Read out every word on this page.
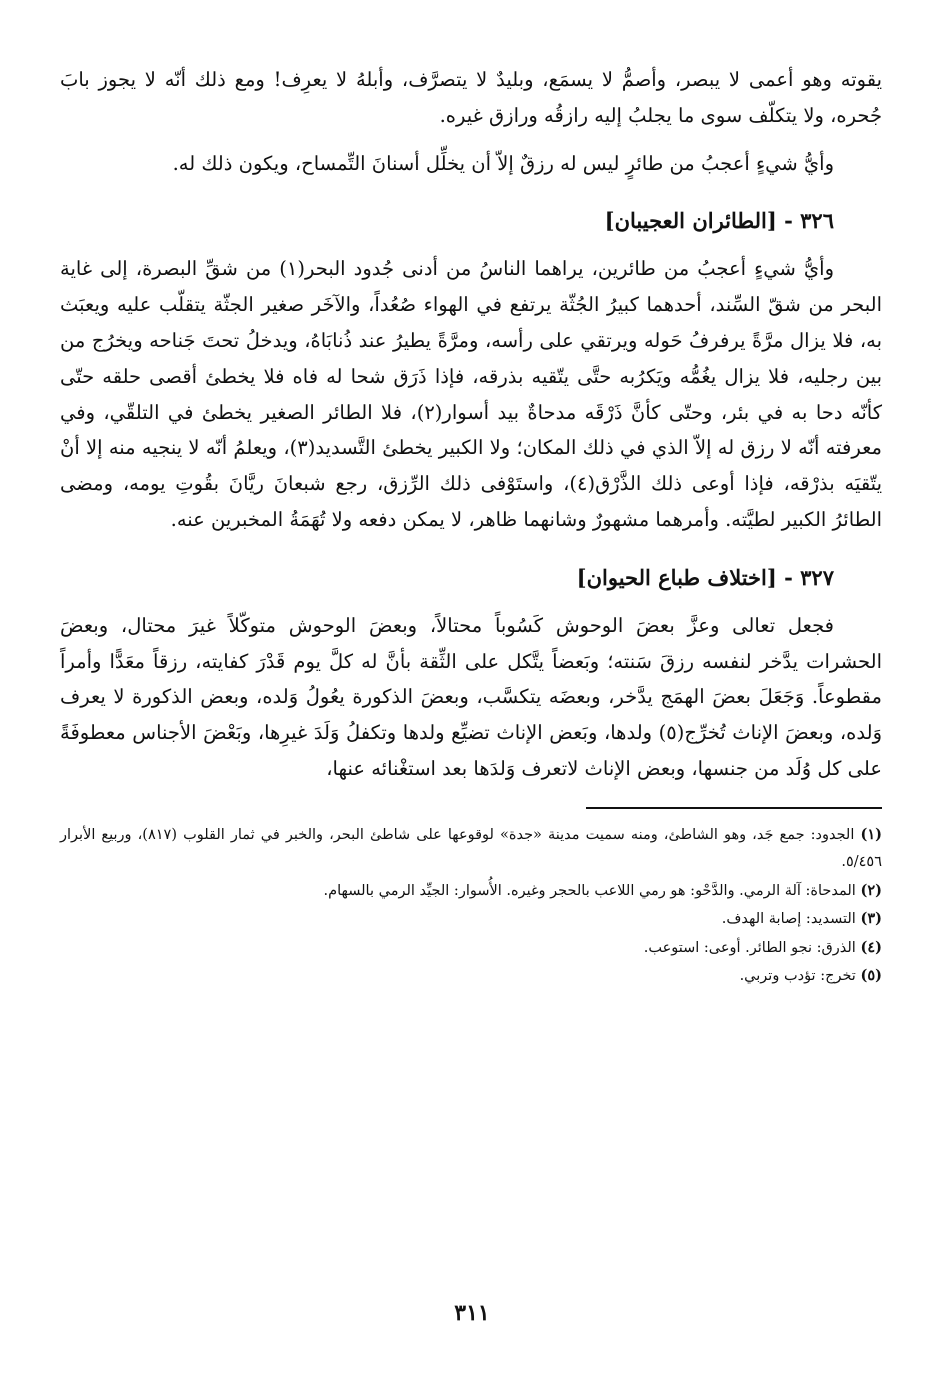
يقوته وهو أعمى لا يبصر، وأصمُّ لا يسمَع، وبليدٌ لا يتصرَّف، وأبلهُ لا يعرِف! ومع ذلك أنّه لا يجوز بابَ جُحره، ولا يتكلّف سوى ما يجلبُ إليه رازقُه ورازق غيره.

وأيُّ شيءٍ أعجبُ من طائرٍ ليس له رزقٌ إلاّ أن يخلِّل أسنانَ التِّمساح، ويكون ذلك له.

٣٢٦ - [الطائران العجيبان]

وأيُّ شيءٍ أعجبُ من طائرين، يراهما الناسُ من أدنى جُدود البحر(١) من شقِّ البصرة، إلى غاية البحر من شقّ السِّند، أحدهما كبيرُ الجُثّة يرتفع في الهواء صُعُداً، والآخَر صغير الجثّة يتقلّب عليه ويعبَث به، فلا يزال مرَّةً يرفرفُ حَوله ويرتقي على رأسه، ومرَّةً يطيرُ عند ذُنابَاهُ، ويدخلُ تحتَ جَناحه ويخرُج من بين رجليه، فلا يزال يغُمُّه ويَكرُبه حتَّى يتّقيه بذرقه، فإذا ذَرَق شحا له فاه فلا يخطئ أقصى حلقه حتّى كأنّه دحا به في بئر، وحتّى كأنَّ ذَرْقَه مدحاةٌ بيد أسوار(٢)، فلا الطائر الصغير يخطئ في التلقّي، وفي معرفته أنّه لا رزق له إلاّ الذي في ذلك المكان؛ ولا الكبير يخطئ التَّسديد(٣)، ويعلمُ أنّه لا ينجيه منه إلا أنْ يتّقيَه بذرْقه، فإذا أوعى ذلك الذَّرْق(٤)، واستَوْفى ذلك الرِّزق، رجع شبعانَ ريَّانَ بقُوتِ يومه، ومضى الطائرُ الكبير لطيَّته. وأمرهما مشهورٌ وشانهما ظاهر، لا يمكن دفعه ولا تُهَمَةُ المخبرين عنه.

٣٢٧ - [اختلاف طباع الحيوان]

فجعل تعالى وعزَّ بعضَ الوحوش كَسُوباً محتالاً، وبعضَ الوحوش متوكّلاً غيرَ محتال، وبعضَ الحشرات يدَّخر لنفسه رزقَ سَنته؛ وبَعضاً يتَّكل على الثِّقة بأنَّ له كلَّ يوم قَدْرَ كفايته، رزقاً معَدًّا وأمراً مقطوعاً. وَجَعَلَ بعضَ الهمَج يدَّخر، وبعضَه يتكسَّب، وبعضَ الذكورة يعُولُ وَلده، وبعض الذكورة لا يعرف وَلده، وبعضَ الإناث تُخرِّج(٥) ولدها، وبَعض الإناث تضيِّع ولدها وتكفلُ وَلَدَ غيرِها، وبَعْضَ الأجناس معطوفَةً على كل وُلَد من جنسها، وبعض الإناث لاتعرف وَلدَها بعد استغْنائه عنها،

(١) الجدود: جمع جَد، وهو الشاطئ، ومنه سميت مدينة «جدة» لوقوعها على شاطئ البحر، والخبر في ثمار القلوب (٨١٧)، وربيع الأبرار ٥/٤٥٦.

(٢) المدحاة: آلة الرمي. والدَّحْو: هو رمي اللاعب بالحجر وغيره. الأُسوار: الجيِّد الرمي بالسهام.

(٣) التسديد: إصابة الهدف.

(٤) الذرق: نجو الطائر. أوعى: استوعب.

(٥) تخرج: تؤدب وتربي.

٣١١
